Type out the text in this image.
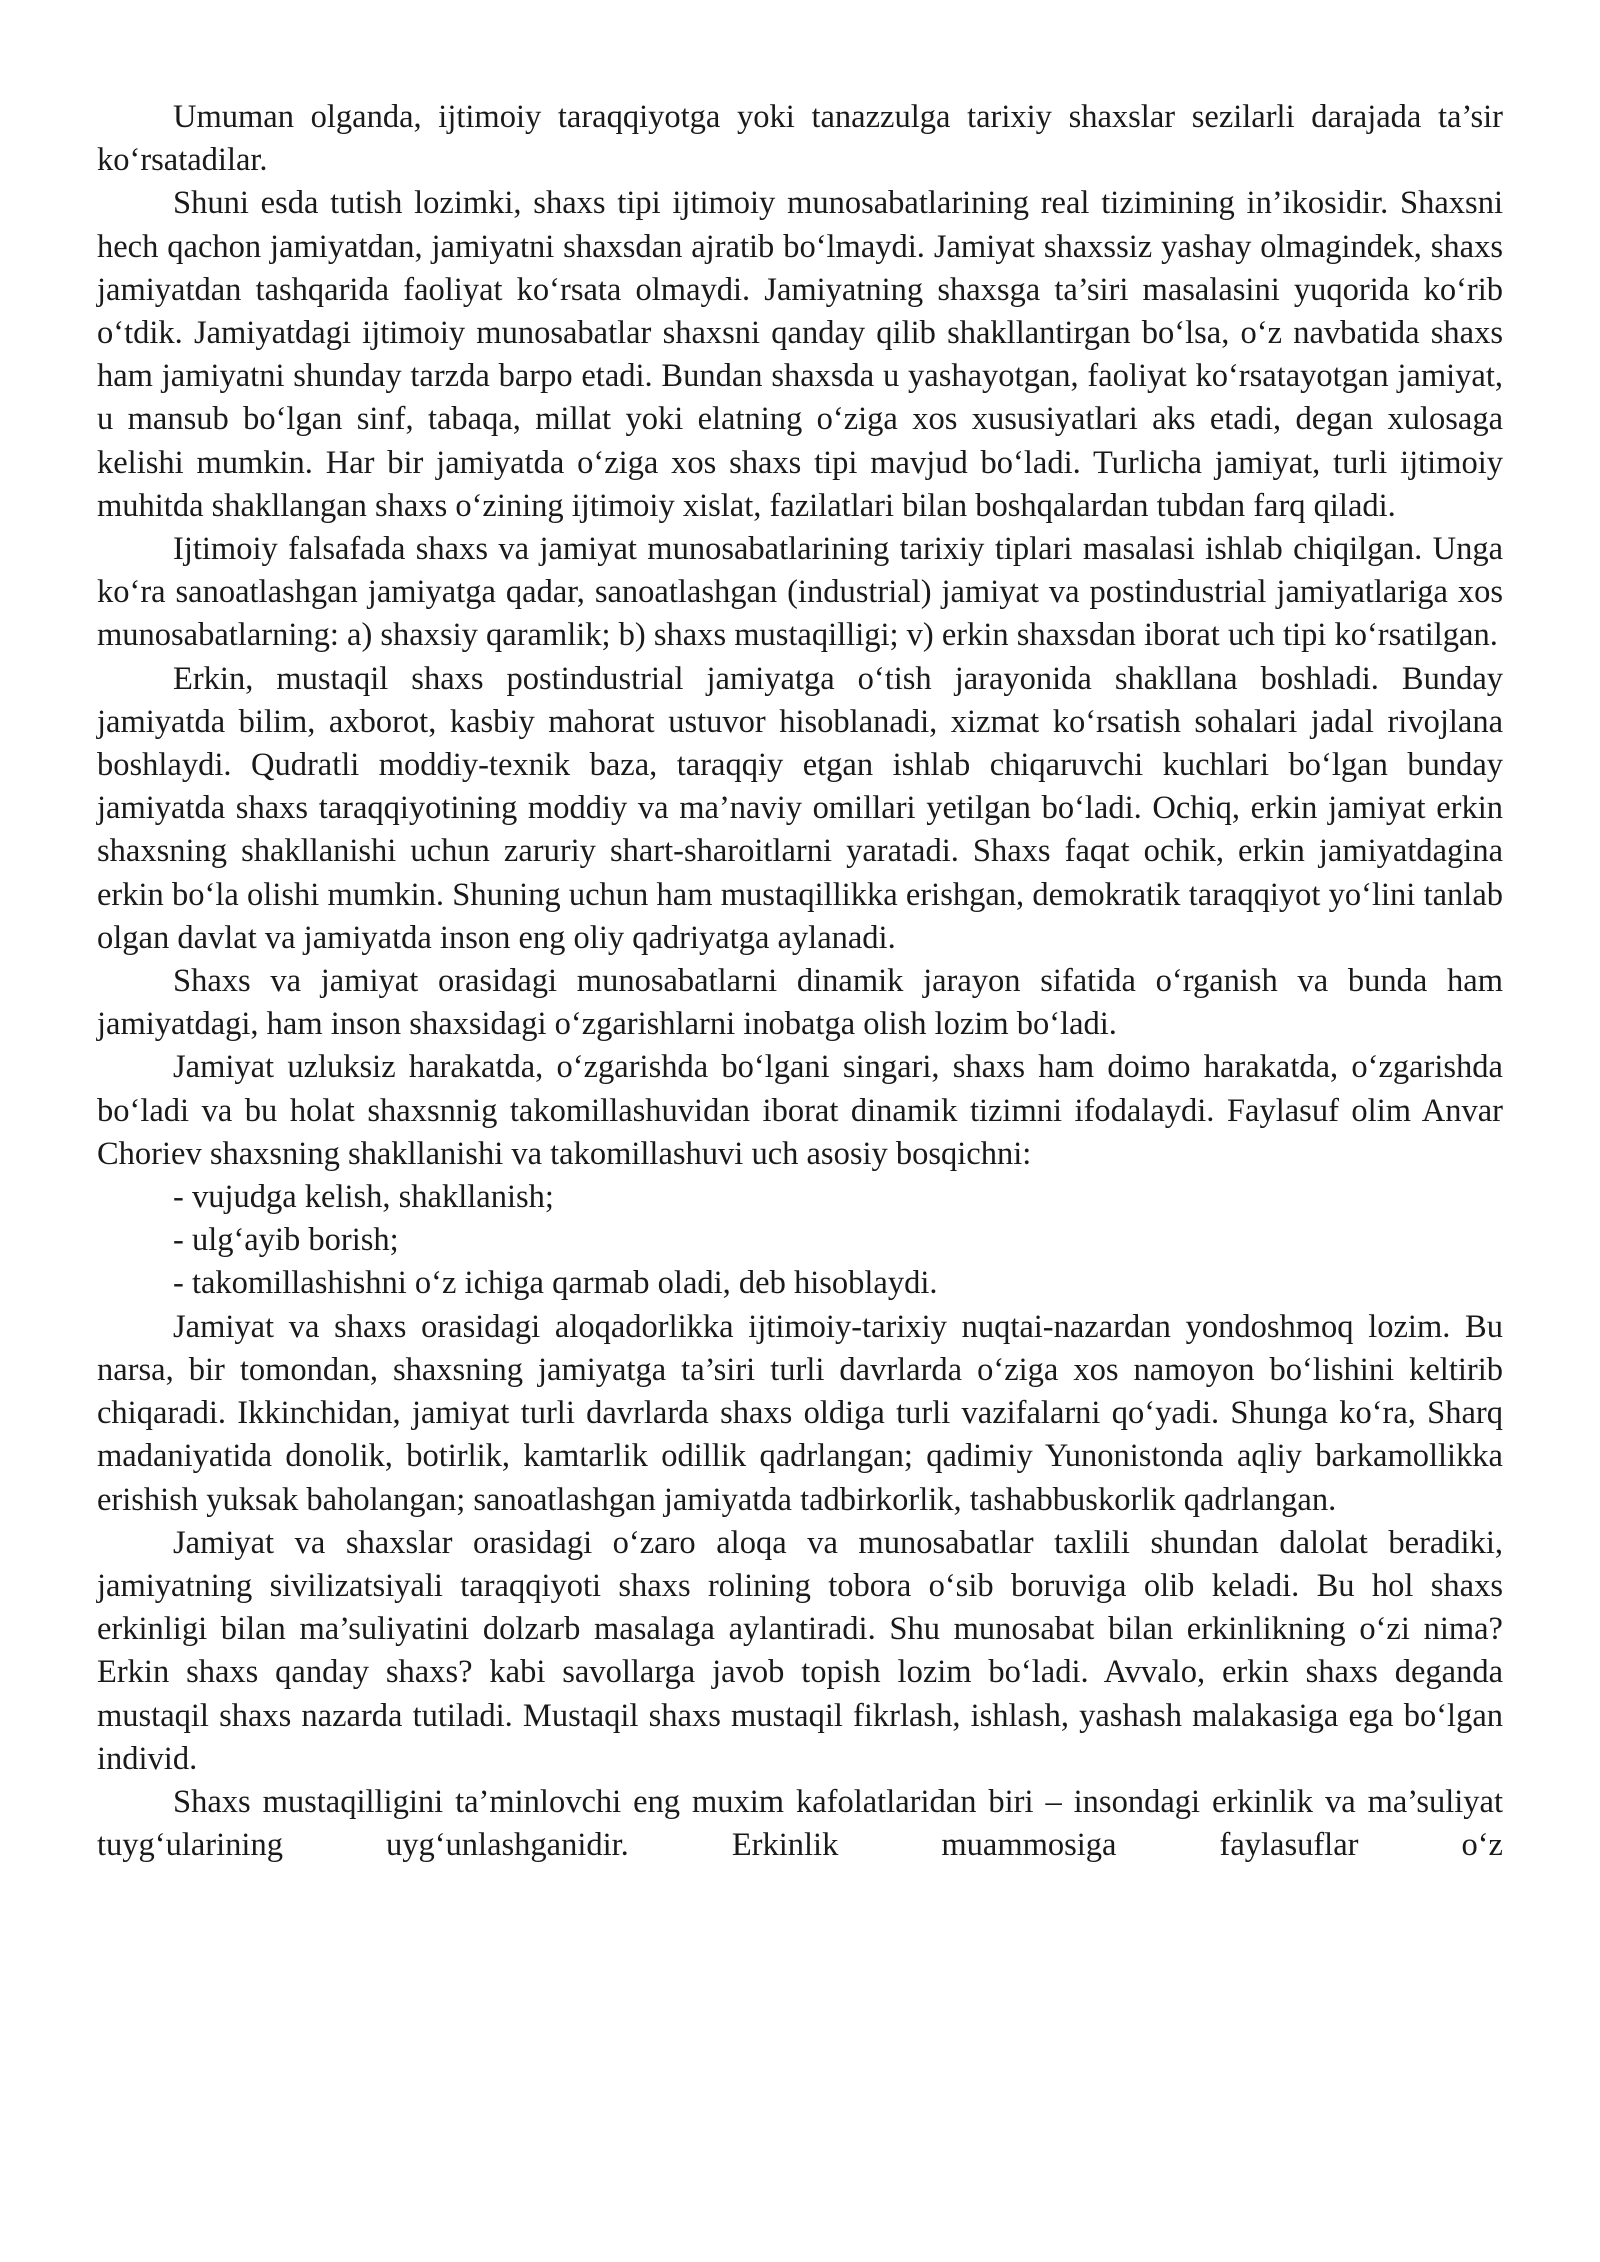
Umuman olganda, ijtimoiy taraqqiyotga yoki tanazzulga tarixiy shaxslar sezilarli darajada ta’sir ko‘rsatadilar.

Shuni esda tutish lozimki, shaxs tipi ijtimoiy munosabatlarining real tizimining in’ikosidir. Shaxsni hech qachon jamiyatdan, jamiyatni shaxsdan ajratib bo‘lmaydi. Jamiyat shaxssiz yashay olmagindek, shaxs jamiyatdan tashqarida faoliyat ko‘rsata olmaydi. Jamiyatning shaxsga ta’siri masalasini yuqorida ko‘rib o‘tdik. Jamiyatdagi ijtimoiy munosabatlar shaxsni qanday qilib shakllantirgan bo‘lsa, o‘z navbatida shaxs ham jamiyatni shunday tarzda barpo etadi. Bundan shaxsda u yashayotgan, faoliyat ko‘rsatayotgan jamiyat, u mansub bo‘lgan sinf, tabaqa, millat yoki elatning o‘ziga xos xususiyatlari aks etadi, degan xulosaga kelishi mumkin. Har bir jamiyatda o‘ziga xos shaxs tipi mavjud bo‘ladi. Turlicha jamiyat, turli ijtimoiy muhitda shakllangan shaxs o‘zining ijtimoiy xislat, fazilatlari bilan boshqalardan tubdan farq qiladi.

Ijtimoiy falsafada shaxs va jamiyat munosabatlarining tarixiy tiplari masalasi ishlab chiqilgan. Unga ko‘ra sanoatlashgan jamiyatga qadar, sanoatlashgan (industrial) jamiyat va postindustrial jamiyatlariga xos munosabatlarning: a) shaxsiy qaramlik; b) shaxs mustaqilligi; v) erkin shaxsdan iborat uch tipi ko‘rsatilgan.

Erkin, mustaqil shaxs postindustrial jamiyatga o‘tish jarayonida shakllana boshladi. Bunday jamiyatda bilim, axborot, kasbiy mahorat ustuvor hisoblanadi, xizmat ko‘rsatish sohalari jadal rivojlana boshlaydi. Qudratli moddiy-texnik baza, taraqqiy etgan ishlab chiqaruvchi kuchlari bo‘lgan bunday jamiyatda shaxs taraqqiyotining moddiy va ma’naviy omillari yetilgan bo‘ladi. Ochiq, erkin jamiyat erkin shaxsning shakllanishi uchun zaruriy shart-sharoitlarni yaratadi. Shaxs faqat ochik, erkin jamiyatdagina erkin bo‘la olishi mumkin. Shuning uchun ham mustaqillikka erishgan, demokratik taraqqiyot yo‘lini tanlab olgan davlat va jamiyatda inson eng oliy qadriyatga aylanadi.

Shaxs va jamiyat orasidagi munosabatlarni dinamik jarayon sifatida o‘rganish va bunda ham jamiyatdagi, ham inson shaxsidagi o‘zgarishlarni inobatga olish lozim bo‘ladi.

Jamiyat uzluksiz harakatda, o‘zgarishda bo‘lgani singari, shaxs ham doimo harakatda, o‘zgarishda bo‘ladi va bu holat shaxsnnig takomillashuvidan iborat dinamik tizimni ifodalaydi. Faylasuf olim Anvar Choriev shaxsning shakllanishi va takomillashuvi uch asosiy bosqichni:

- vujudga kelish, shakllanish;
- ulg‘ayib borish;
- takomillashishni o‘z ichiga qarmab oladi, deb hisoblaydi.

Jamiyat va shaxs orasidagi aloqadorlikka ijtimoiy-tarixiy nuqtai-nazardan yondoshmoq lozim. Bu narsa, bir tomondan, shaxsning jamiyatga ta’siri turli davrlarda o‘ziga xos namoyon bo‘lishini keltirib chiqaradi. Ikkinchidan, jamiyat turli davrlarda shaxs oldiga turli vazifalarni qo‘yadi. Shunga ko‘ra, Sharq madaniyatida donolik, botirlik, kamtarlik odillik qadrlangan; qadimiy Yunonistonda aqliy barkamollikka erishish yuksak baholangan; sanoatlashgan jamiyatda tadbirkorlik, tashabbuskorlik qadrlangan.

Jamiyat va shaxslar orasidagi o‘zaro aloqa va munosabatlar taxlili shundan dalolat beradiki, jamiyatning sivilizatsiyali taraqqiyoti shaxs rolining tobora o‘sib boruviga olib keladi. Bu hol shaxs erkinligi bilan ma’suliyatini dolzarb masalaga aylantiradi. Shu munosabat bilan erkinlikning o‘zi nima? Erkin shaxs qanday shaxs? kabi savollarga javob topish lozim bo‘ladi. Avvalo, erkin shaxs deganda mustaqil shaxs nazarda tutiladi. Mustaqil shaxs mustaqil fikrlash, ishlash, yashash malakasiga ega bo‘lgan individ.

Shaxs mustaqilligini ta’minlovchi eng muxim kafolatlaridan biri – insondagi erkinlik va ma’suliyat tuyg‘ularining uyg‘unlashganidir. Erkinlik muammosiga faylasuflar o‘z
